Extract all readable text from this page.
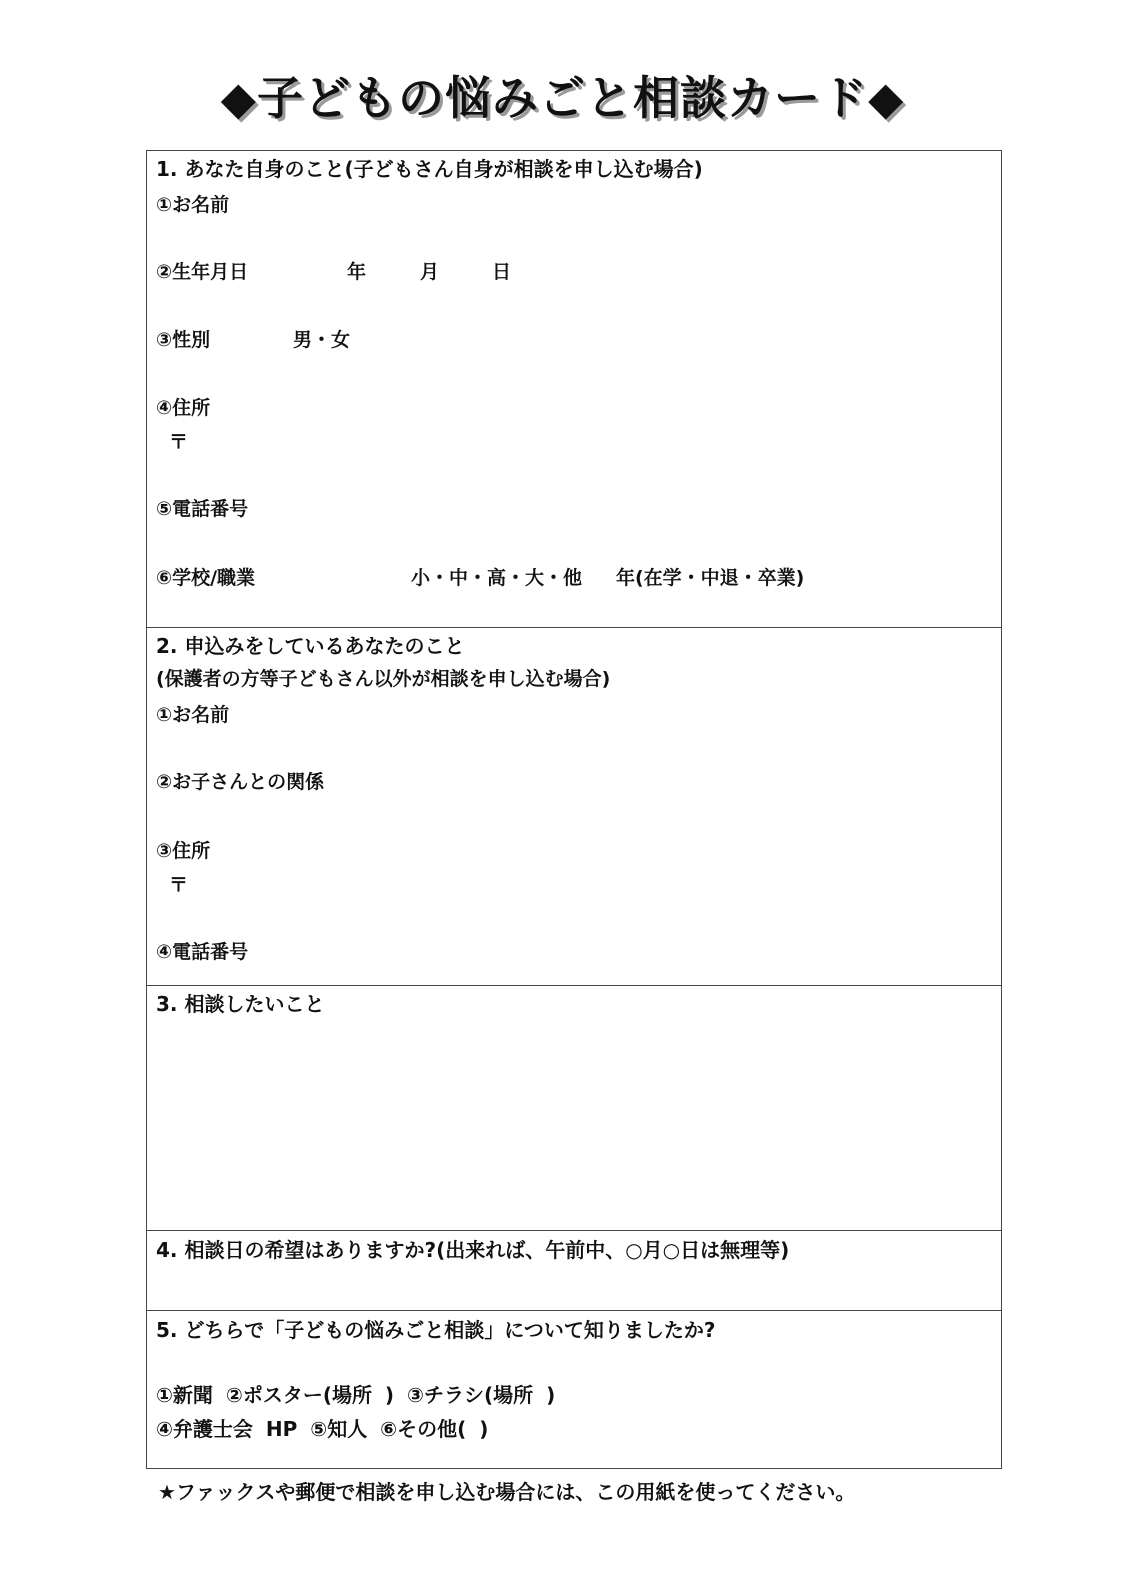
◆子どもの悩みごと相談カード◆
1. あなた自身のこと(子どもさん自身が相談を申し込む場合)
①お名前
②生年月日	年	月	日
③性別	男・女
④住所
〒
⑤電話番号
⑥学校/職業	小・中・高・大・他 年(在学・中退・卒業)
2. 申込みをしているあなたのこと
(保護者の方等子どもさん以外が相談を申し込む場合)
①お名前
②お子さんとの関係
③住所
〒
④電話番号
3. 相談したいこと
4. 相談日の希望はありますか?(出来れば、午前中、○月○日は無理等)
5. どちらで「子どもの悩みごと相談」について知りましたか?
①新聞 ②ポスター(場所 ) ③チラシ(場所 )
④弁護士会 HP ⑤知人 ⑥その他( )
★ファックスや郵便で相談を申し込む場合には、この用紙を使ってください。
